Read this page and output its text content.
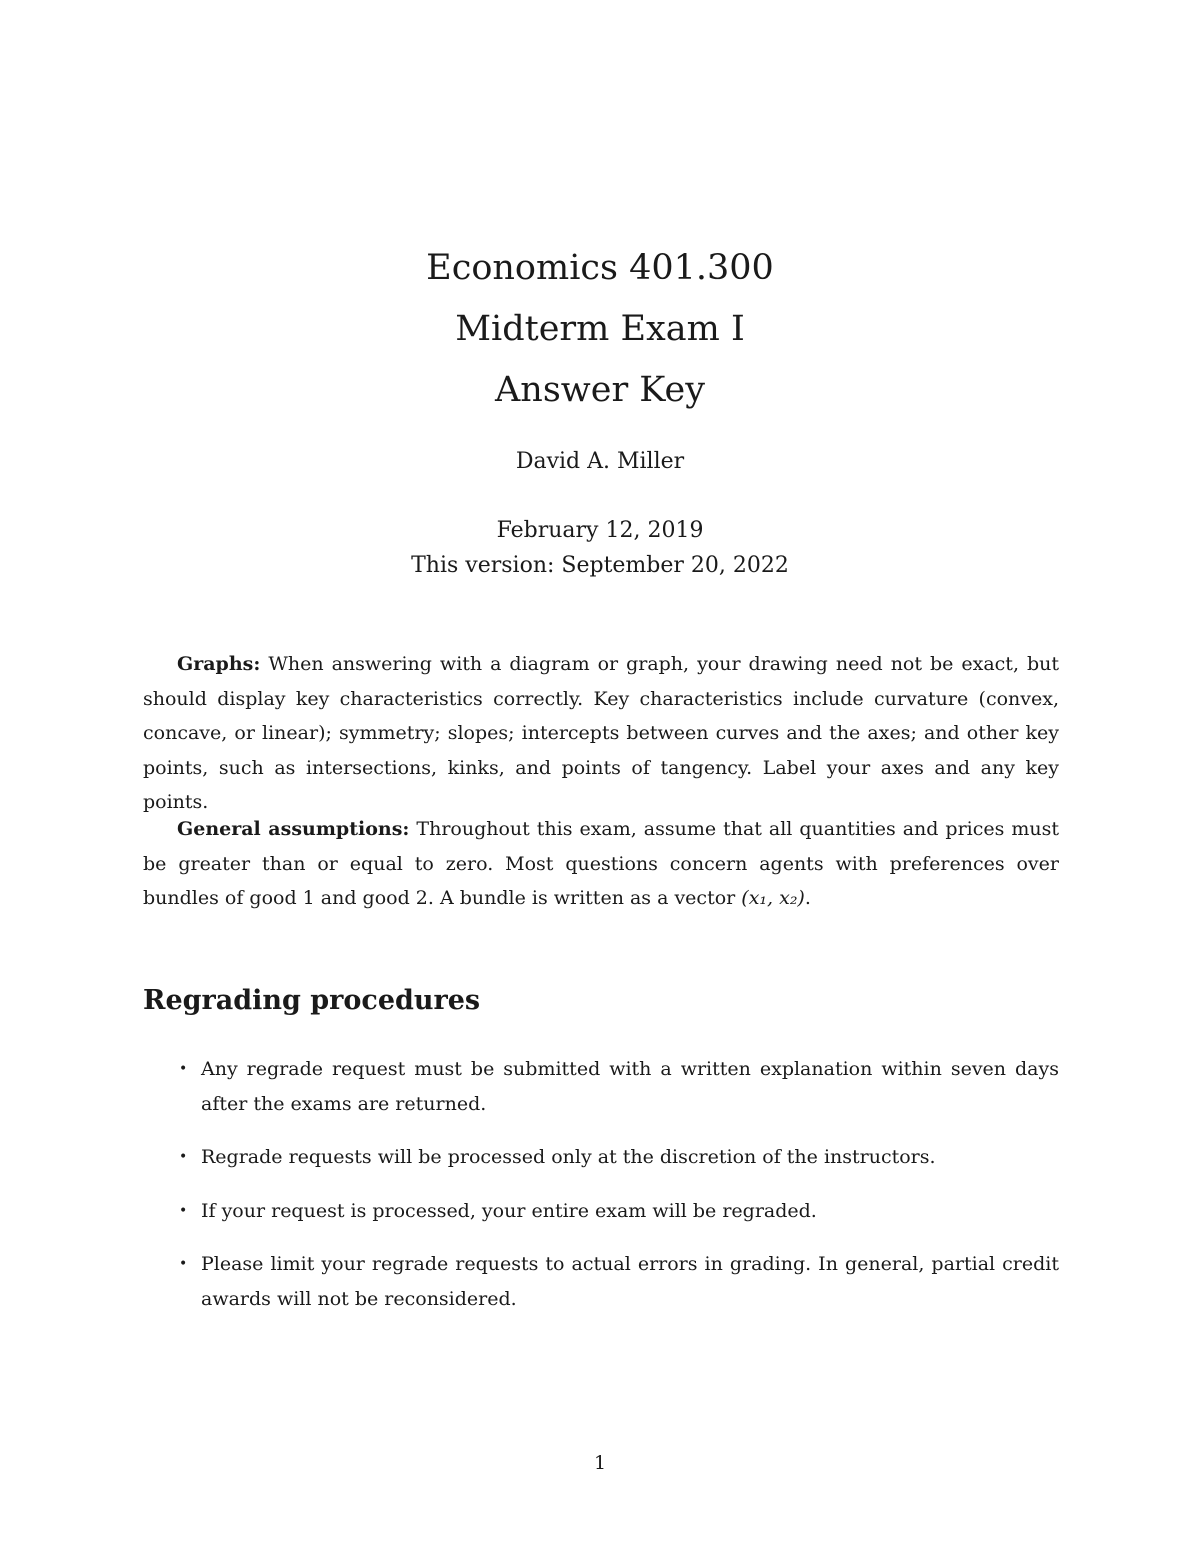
Economics 401.300
Midterm Exam I
Answer Key
David A. Miller
February 12, 2019
This version: September 20, 2022

Graphs: When answering with a diagram or graph, your drawing need not be exact, but should display key characteristics correctly. Key characteristics include curvature (convex, concave, or linear); symmetry; slopes; intercepts between curves and the axes; and other key points, such as intersections, kinks, and points of tangency. Label your axes and any key points.

General assumptions: Throughout this exam, assume that all quantities and prices must be greater than or equal to zero. Most questions concern agents with preferences over bundles of good 1 and good 2. A bundle is written as a vector (x₁, x₂).

Regrading procedures
• Any regrade request must be submitted with a written explanation within seven days after the exams are returned.
• Regrade requests will be processed only at the discretion of the instructors.
• If your request is processed, your entire exam will be regraded.
• Please limit your regrade requests to actual errors in grading. In general, partial credit awards will not be reconsidered.
1
